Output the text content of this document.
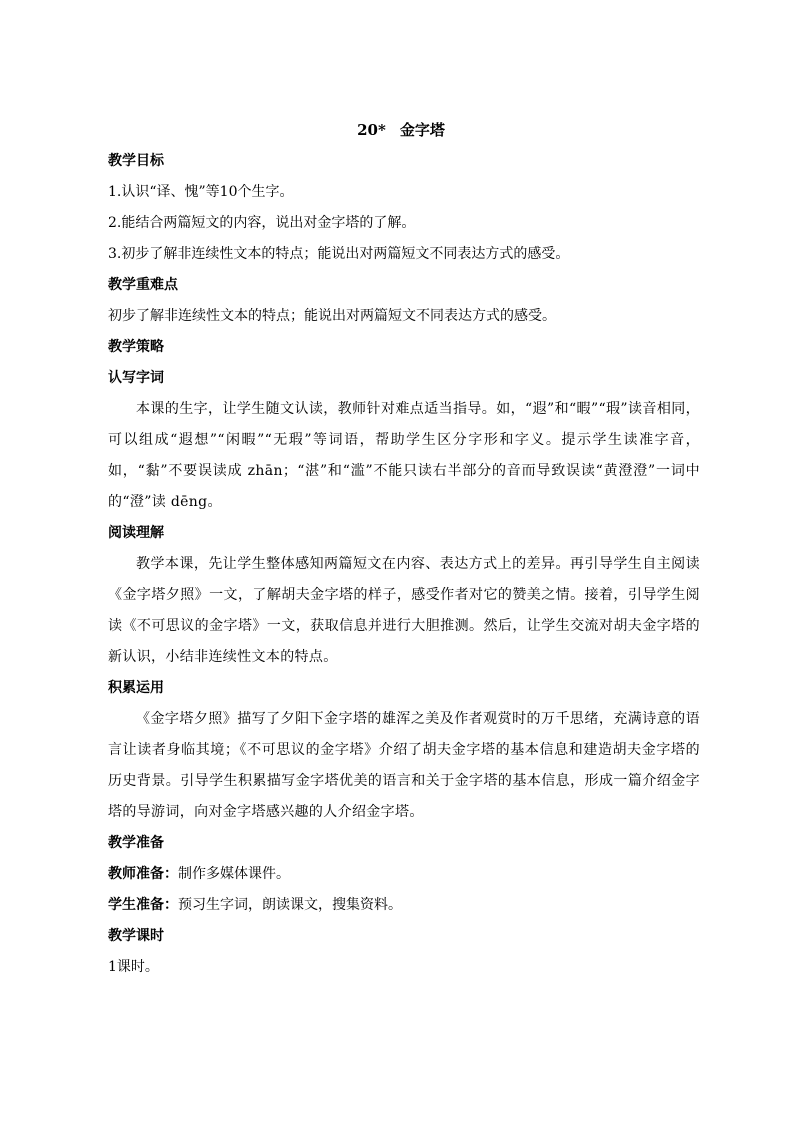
20* 金字塔
教学目标
1.认识“译、愧”等10个生字。
2.能结合两篇短文的内容，说出对金字塔的了解。
3.初步了解非连续性文本的特点；能说出对两篇短文不同表达方式的感受。
教学重难点
初步了解非连续性文本的特点；能说出对两篇短文不同表达方式的感受。
教学策略
认写字词
本课的生字，让学生随文认读，教师针对难点适当指导。如，“遐”和“暇”“瑕”读音相同，可以组成“遐想”“闲暇”“无瑕”等词语，帮助学生区分字形和字义。提示学生读准字音，如，“黏”不要误读成 zhān；“湛”和“滥”不能只读右半部分的音而导致误读“黄澄澄”一词中的“澄”读 dēng。
阅读理解
教学本课，先让学生整体感知两篇短文在内容、表达方式上的差异。再引导学生自主阅读《金字塔夕照》一文，了解胡夫金字塔的样子，感受作者对它的赞美之情。接着，引导学生阅读《不可思议的金字塔》一文，获取信息并进行大胆推测。然后，让学生交流对胡夫金字塔的新认识，小结非连续性文本的特点。
积累运用
《金字塔夕照》描写了夕阳下金字塔的雄浑之美及作者观赏时的万千思绪，充满诗意的语言让读者身临其境；《不可思议的金字塔》介绍了胡夫金字塔的基本信息和建造胡夫金字塔的历史背景。引导学生积累描写金字塔优美的语言和关于金字塔的基本信息，形成一篇介绍金字塔的导游词，向对金字塔感兴趣的人介绍金字塔。
教学准备
教师准备：制作多媒体课件。
学生准备：预习生字词，朗读课文，搜集资料。
教学课时
1课时。
